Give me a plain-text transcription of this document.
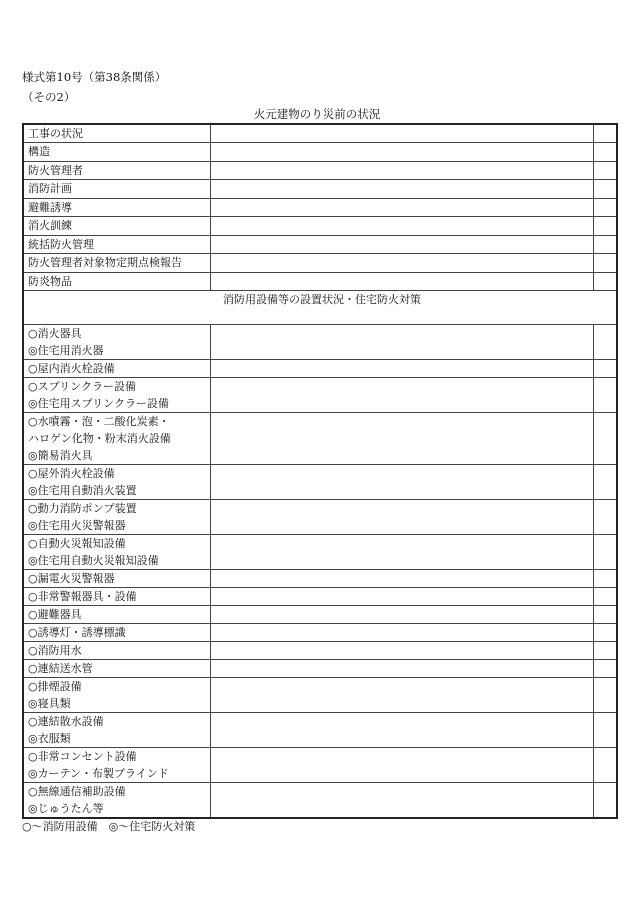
様式第10号（第38条関係）
（その2）
火元建物のり災前の状況
工事の状況		
構造		
防火管理者		
消防計画		
避難誘導		
消火訓練		
統括防火管理		
防火管理者対象物定期点検報告		
防炎物品		
消防用設備等の設置状況・住宅防火対策		

○消火器具
◎住宅用消火器		

○屋内消火栓設備		

○スプリンクラー設備
◎住宅用スプリンクラー設備		

○水噴霧・泡・二酸化炭素・
ハロゲン化物・粉末消火設備
◎簡易消火具		

○屋外消火栓設備
◎住宅用自動消火装置		

○動力消防ポンプ装置
◎住宅用火災警報器		

○自動火災報知設備
◎住宅用自動火災報知設備		

○漏電火災警報器		

○非常警報器具・設備		

○避難器具		

○誘導灯・誘導標識		

○消防用水		

○連結送水管		

○排煙設備
◎寝具類		

○連結散水設備
◎衣服類		

○非常コンセント設備
◎カーテン・布製ブラインド		

○無線通信補助設備
◎じゅうたん等		

○～消防用設備　 ◎～住宅防火対策
